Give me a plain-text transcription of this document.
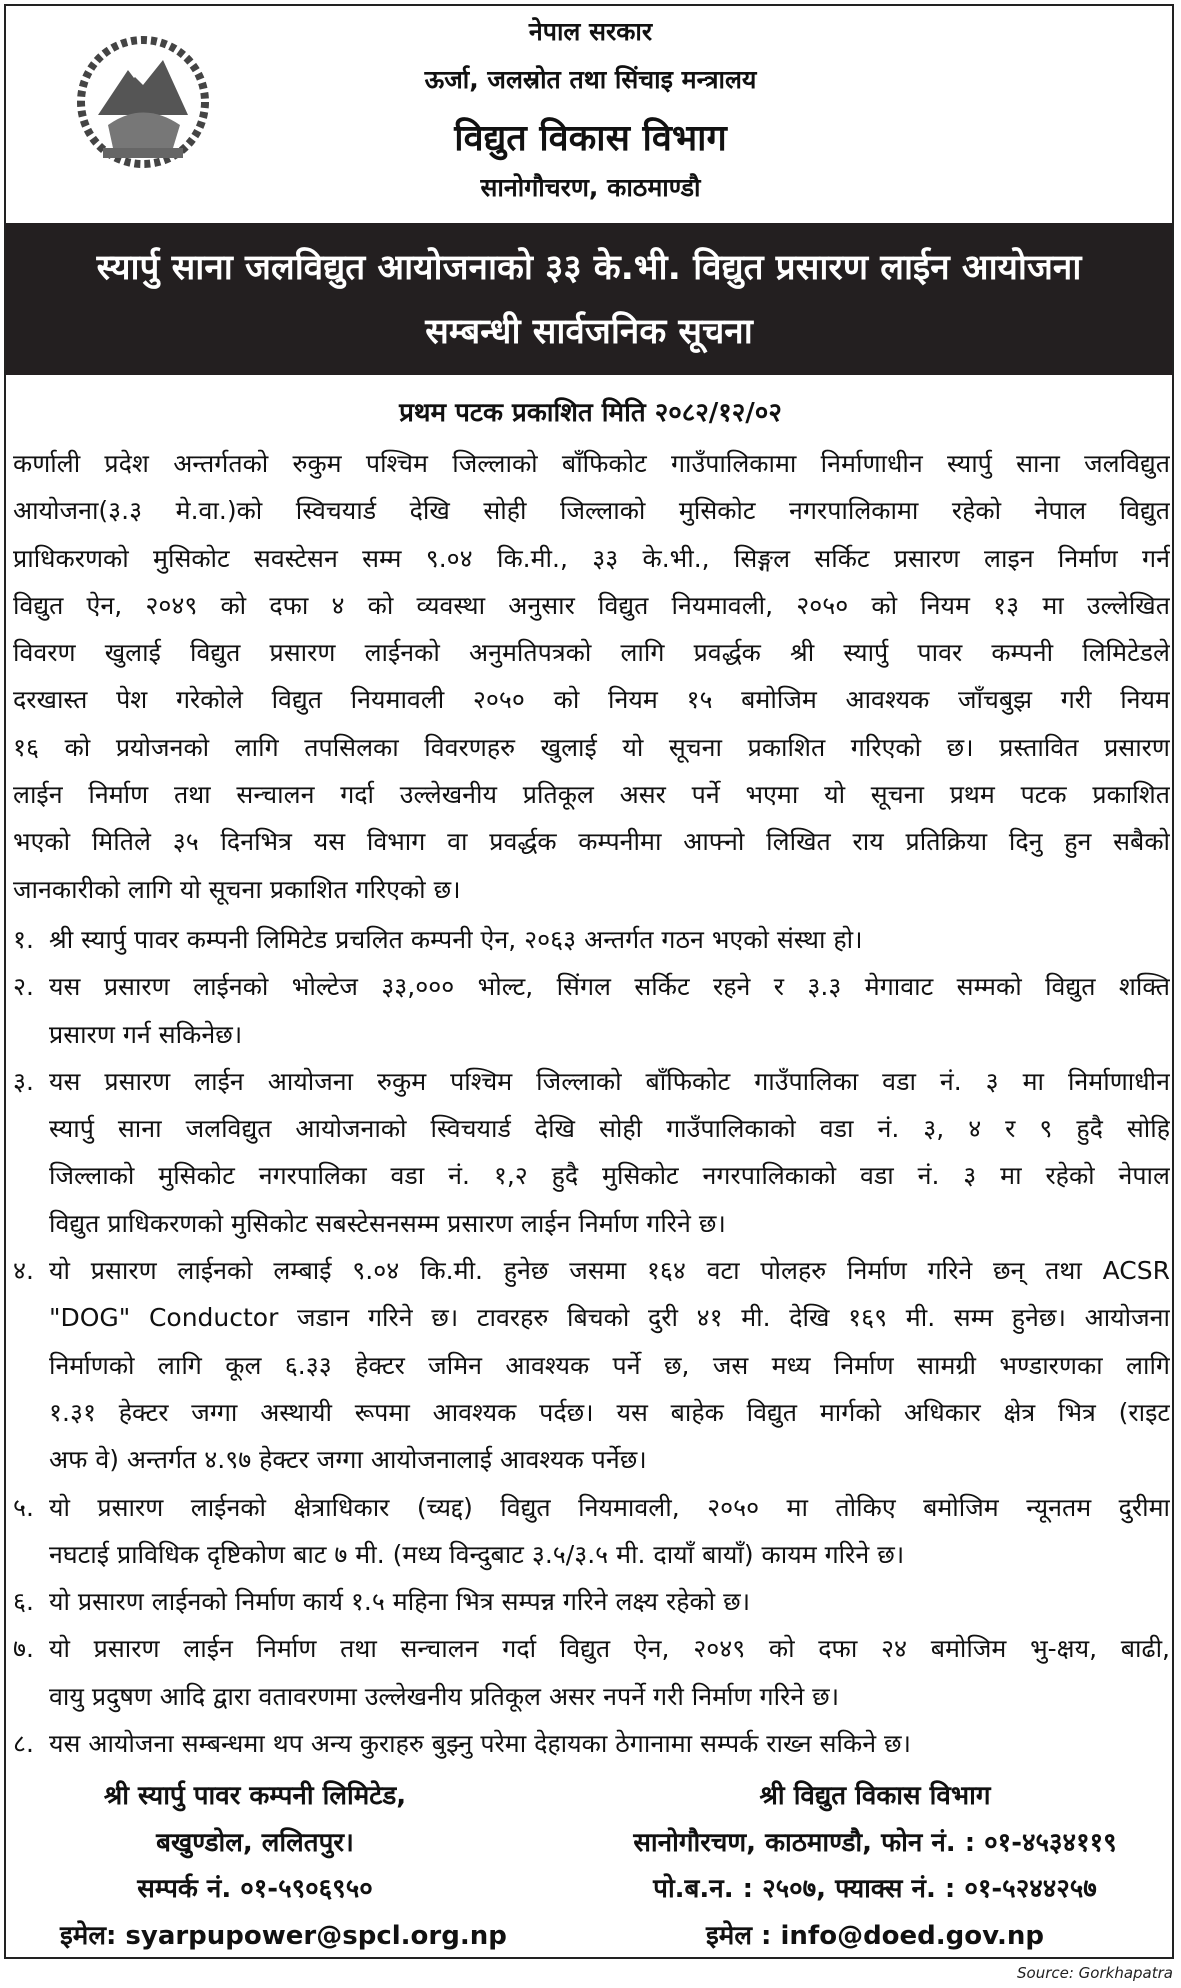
नेपाल सरकार
ऊर्जा, जलस्रोत तथा सिंचाइ मन्त्रालय
विद्युत विकास विभाग
सानोगौचरण, काठमाण्डौ
स्यार्पु साना जलविद्युत आयोजनाको ३३ के.भी. विद्युत प्रसारण लाईन आयोजना
सम्बन्धी सार्वजनिक सूचना
प्रथम पटक प्रकाशित मिति २०८२/१२/०२
कर्णाली प्रदेश अन्तर्गतको रुकुम पश्चिम जिल्लाको बाँफिकोट गाउँपालिकामा निर्माणाधीन स्यार्पु साना जलविद्युत
आयोजना(३.३ मे.वा.)को स्विचयार्ड देखि सोही जिल्लाको मुसिकोट नगरपालिकामा रहेको नेपाल विद्युत
प्राधिकरणको मुसिकोट सवस्टेसन सम्म ९.०४ कि.मी., ३३ के.भी., सिङ्गल सर्किट प्रसारण लाइन निर्माण गर्न
विद्युत ऐन, २०४९ को दफा ४ को व्यवस्था अनुसार विद्युत नियमावली, २०५० को नियम १३ मा उल्लेखित
विवरण खुलाई विद्युत प्रसारण लाईनको अनुमतिपत्रको लागि प्रवर्द्धक श्री स्यार्पु पावर कम्पनी लिमिटेडले
दरखास्त पेश गरेकोले विद्युत नियमावली २०५० को नियम १५ बमोजिम आवश्यक जाँचबुझ गरी नियम
१६ को प्रयोजनको लागि तपसिलका विवरणहरु खुलाई यो सूचना प्रकाशित गरिएको छ। प्रस्तावित प्रसारण
लाईन निर्माण तथा सन्चालन गर्दा उल्लेखनीय प्रतिकूल असर पर्ने भएमा यो सूचना प्रथम पटक प्रकाशित
भएको मितिले ३५ दिनभित्र यस विभाग वा प्रवर्द्धक कम्पनीमा आफ्नो लिखित राय प्रतिक्रिया दिनु हुन सबैको
जानकारीको लागि यो सूचना प्रकाशित गरिएको छ।
१. श्री स्यार्पु पावर कम्पनी लिमिटेड प्रचलित कम्पनी ऐन, २०६३ अन्तर्गत गठन भएको संस्था हो।
२. यस प्रसारण लाईनको भोल्टेज ३३,००० भोल्ट, सिंगल सर्किट रहने र ३.३ मेगावाट सम्मको विद्युत शक्ति
प्रसारण गर्न सकिनेछ।
३. यस प्रसारण लाईन आयोजना रुकुम पश्चिम जिल्लाको बाँफिकोट गाउँपालिका वडा नं. ३ मा निर्माणाधीन
स्यार्पु साना जलविद्युत आयोजनाको स्विचयार्ड देखि सोही गाउँपालिकाको वडा नं. ३, ४ र ९ हुदै सोहि
जिल्लाको मुसिकोट नगरपालिका वडा नं. १,२ हुदै मुसिकोट नगरपालिकाको वडा नं. ३ मा रहेको नेपाल
विद्युत प्राधिकरणको मुसिकोट सबस्टेसनसम्म प्रसारण लाईन निर्माण गरिने छ।
४. यो प्रसारण लाईनको लम्बाई ९.०४ कि.मी. हुनेछ जसमा १६४ वटा पोलहरु निर्माण गरिने छन् तथा ACSR
"DOG" Conductor जडान गरिने छ। टावरहरु बिचको दुरी ४१ मी. देखि १६९ मी. सम्म हुनेछ। आयोजना
निर्माणको लागि कूल ६.३३ हेक्टर जमिन आवश्यक पर्ने छ, जस मध्य निर्माण सामग्री भण्डारणका लागि
१.३१ हेक्टर जग्गा अस्थायी रूपमा आवश्यक पर्दछ। यस बाहेक विद्युत मार्गको अधिकार क्षेत्र भित्र (राइट
अफ वे) अन्तर्गत ४.९७ हेक्टर जग्गा आयोजनालाई आवश्यक पर्नेछ।
५. यो प्रसारण लाईनको क्षेत्राधिकार (च्यद्द) विद्युत नियमावली, २०५० मा तोकिए बमोजिम न्यूनतम दुरीमा
नघटाई प्राविधिक दृष्टिकोण बाट ७ मी. (मध्य विन्दुबाट ३.५/३.५ मी. दायाँ बायाँ) कायम गरिने छ।
६. यो प्रसारण लाईनको निर्माण कार्य १.५ महिना भित्र सम्पन्न गरिने लक्ष्य रहेको छ।
७. यो प्रसारण लाईन निर्माण तथा सन्चालन गर्दा विद्युत ऐन, २०४९ को दफा २४ बमोजिम भु-क्षय, बाढी,
वायु प्रदुषण आदि द्वारा वतावरणमा उल्लेखनीय प्रतिकूल असर नपर्ने गरी निर्माण गरिने छ।
८. यस आयोजना सम्बन्धमा थप अन्य कुराहरु बुझ्नु परेमा देहायका ठेगानामा सम्पर्क राख्न सकिने छ।
श्री स्यार्पु पावर कम्पनी लिमिटेड,
बखुण्डोल, ललितपुर।
सम्पर्क नं. ०१-५९०६९५०
इमेल: syarpupower@spcl.org.np
श्री विद्युत विकास विभाग
सानोगौरचण, काठमाण्डौ, फोन नं. : ०१-४५३४११९
पो.ब.न. : २५०७, फ्याक्स नं. : ०१-५२४४२५७
इमेल : info@doed.gov.np
Source: Gorkhapatra
